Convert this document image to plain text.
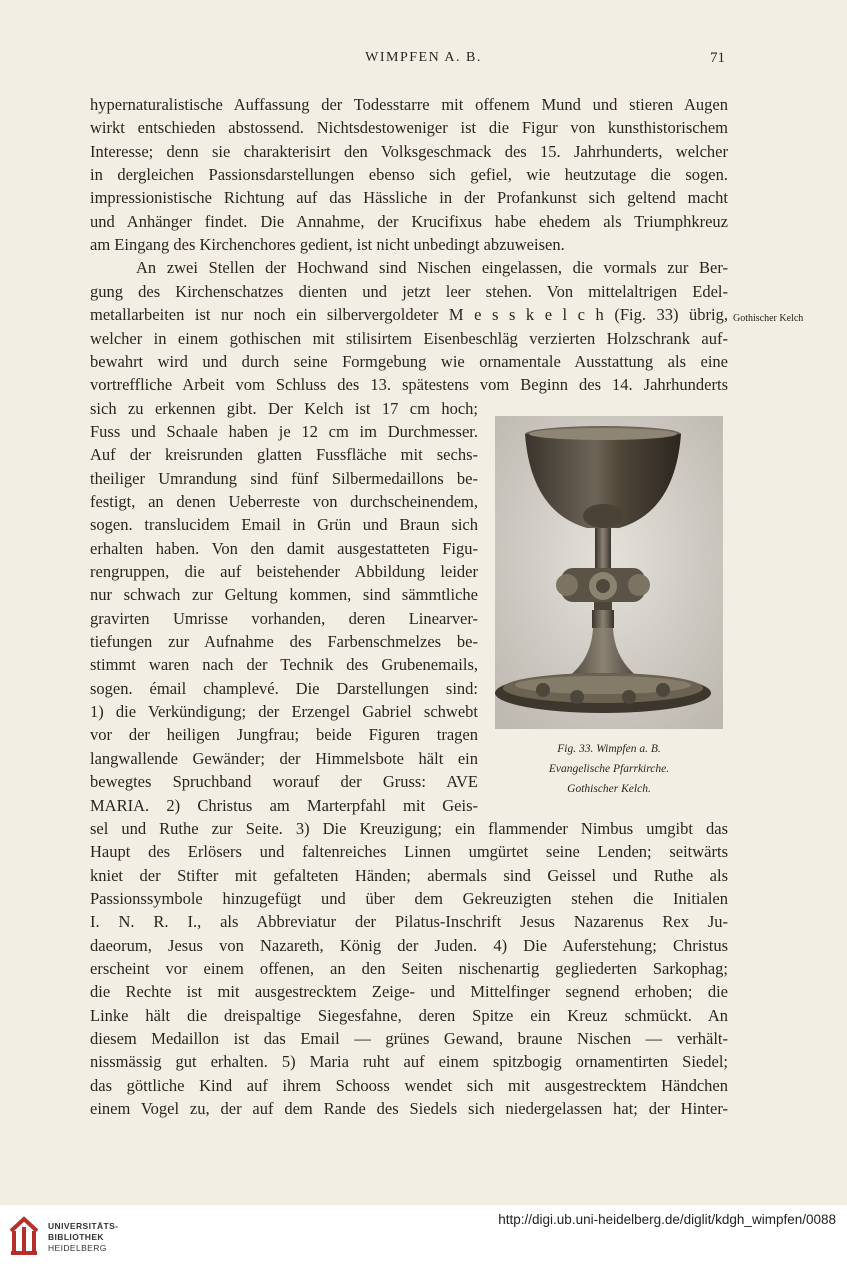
WIMPFEN A. B.	71
hypernaturalistische Auffassung der Todesstarre mit offenem Mund und stieren Augen
wirkt entschieden abstossend. Nichtsdestoweniger ist die Figur von kunsthistorischem
Interesse; denn sie charakterisirt den Volksgeschmack des 15. Jahrhunderts, welcher
in dergleichen Passionsdarstellungen ebenso sich gefiel, wie heutzutage die sogen.
impressionistische Richtung auf das Hässliche in der Profankunst sich geltend macht
und Anhänger findet. Die Annahme, der Krucifixus habe ehedem als Triumphkreuz
am Eingang des Kirchenchores gedient, ist nicht unbedingt abzuweisen.
An zwei Stellen der Hochwand sind Nischen eingelassen, die vormals zur Ber-
gung des Kirchenschatzes dienten und jetzt leer stehen. Von mittelaltrigen Edel-
metallarbeiten ist nur noch ein silbervergoldeter M e s s k e l c h (Fig. 33) übrig,
welcher in einem gothischen mit stilisirtem Eisenbeschläg verzierten Holzschrank auf-
bewahrt wird und durch seine Formgebung wie ornamentale Ausstattung als eine
vortreffliche Arbeit vom Schluss des 13. spätestens vom Beginn des 14. Jahrhunderts
sich zu erkennen gibt. Der Kelch ist 17 cm hoch;
Fuss und Schaale haben je 12 cm im Durchmesser.
Auf der kreisrunden glatten Fussfläche mit sechs-
theiliger Umrandung sind fünf Silbermedaillons be-
festigt, an denen Ueberreste von durchscheinendem,
sogen. translucidem Email in Grün und Braun sich
erhalten haben. Von den damit ausgestatteten Figu-
rengruppen, die auf beistehender Abbildung leider
nur schwach zur Geltung kommen, sind sämmtliche
gravirten Umrisse vorhanden, deren Linearver-
tiefungen zur Aufnahme des Farbenschmelzes be-
stimmt waren nach der Technik des Grubenemails,
sogen. émail champlevé. Die Darstellungen sind:
1) die Verkündigung; der Erzengel Gabriel schwebt
vor der heiligen Jungfrau; beide Figuren tragen
langwallende Gewänder; der Himmelsbote hält ein
bewegtes Spruchband worauf der Gruss: AVE
MARIA. 2) Christus am Marterpfahl mit Geis-
sel und Ruthe zur Seite. 3) Die Kreuzigung; ein flammender Nimbus umgibt das
Haupt des Erlösers und faltenreiches Linnen umgürtet seine Lenden; seitwärts
kniet der Stifter mit gefalteten Händen; abermals sind Geissel und Ruthe als
Passionssymbole hinzugefügt und über dem Gekreuzigten stehen die Initialen
I. N. R. I., als Abbreviatur der Pilatus-Inschrift Jesus Nazarenus Rex Ju-
daeorum, Jesus von Nazareth, König der Juden. 4) Die Auferstehung; Christus
erscheint vor einem offenen, an den Seiten nischenartig gegliederten Sarkophag;
die Rechte ist mit ausgestrecktem Zeige- und Mittelfinger segnend erhoben; die
Linke hält die dreispaltige Siegesfahne, deren Spitze ein Kreuz schmückt. An
diesem Medaillon ist das Email — grünes Gewand, braune Nischen — verhält-
nissmässig gut erhalten. 5) Maria ruht auf einem spitzbogig ornamentirten Siedel;
das göttliche Kind auf ihrem Schooss wendet sich mit ausgestrecktem Händchen
einem Vogel zu, der auf dem Rande des Siedels sich niedergelassen hat; der Hinter-
Gothischer Kelch
Fig. 33. Wimpfen a. B.
Evangelische Pfarrkirche.
Gothischer Kelch.
UNIVERSITÄTS-
BIBLIOTHEK
HEIDELBERG
http://digi.ub.uni-heidelberg.de/diglit/kdgh_wimpfen/0088
